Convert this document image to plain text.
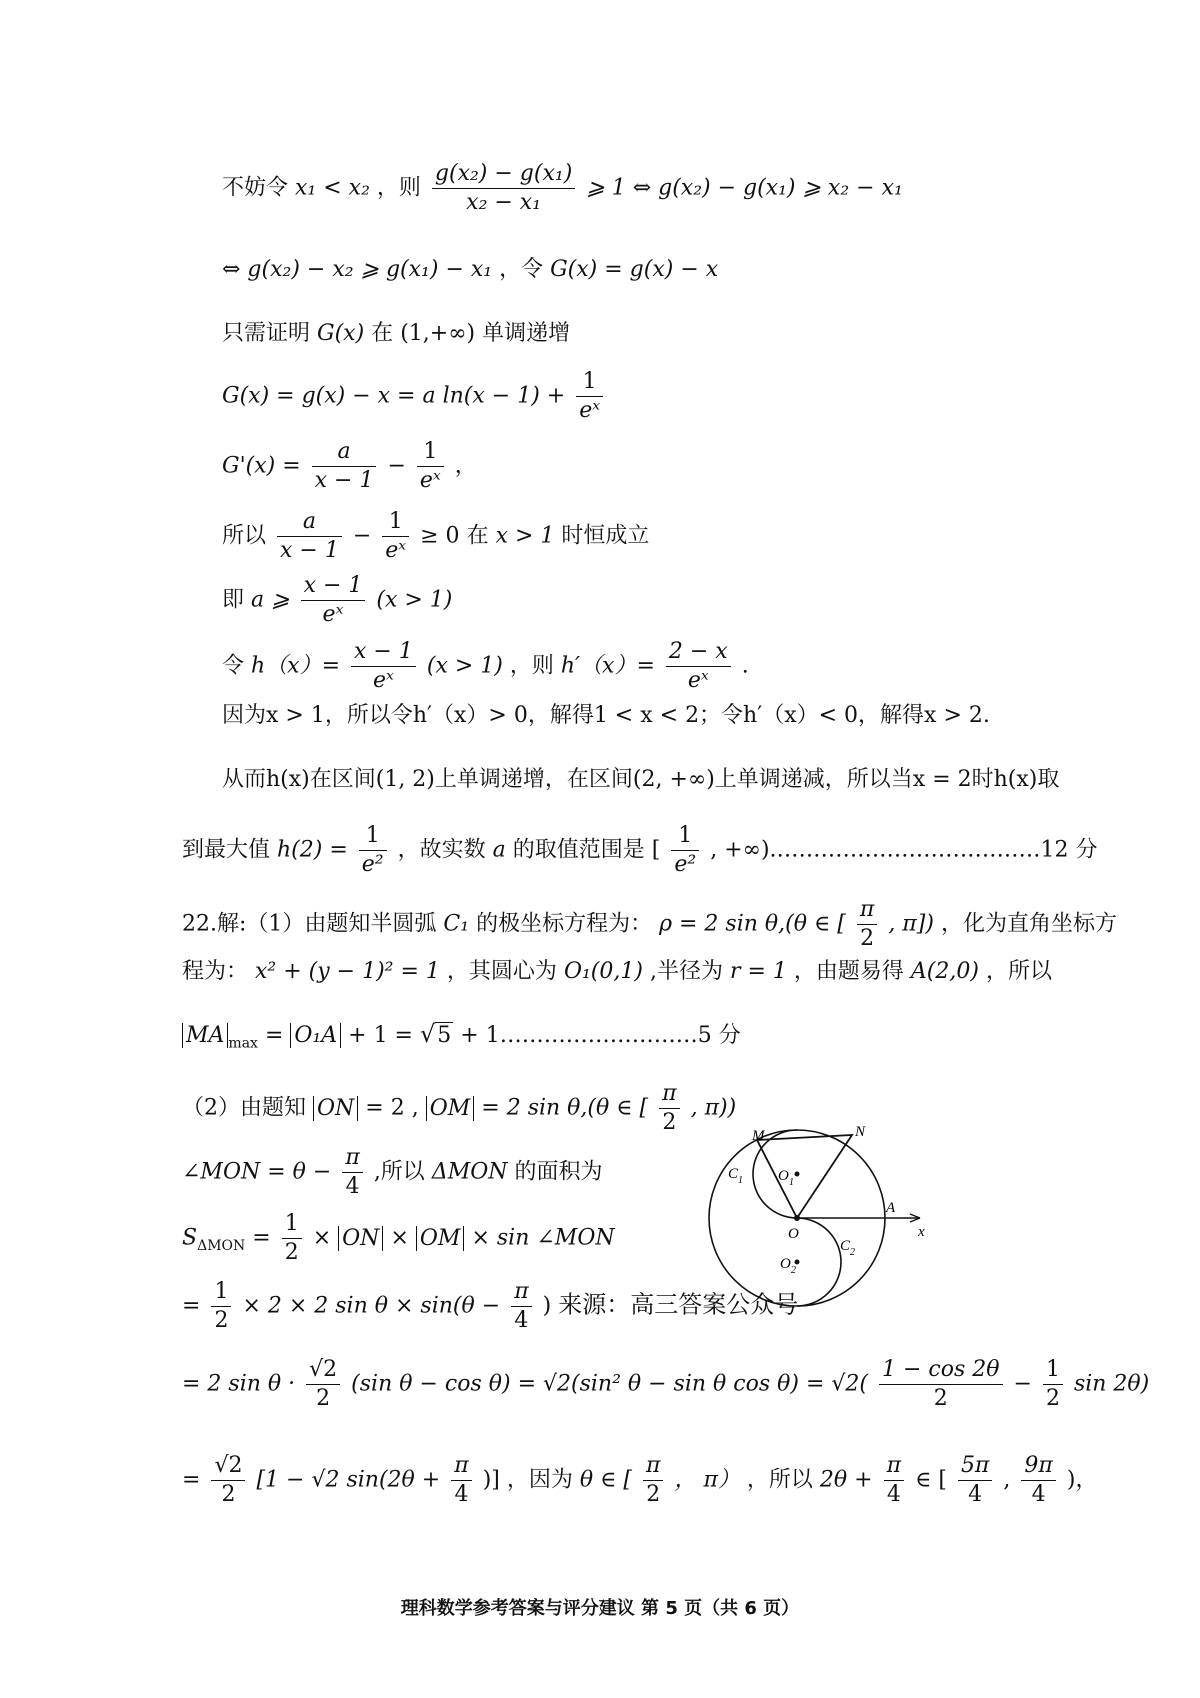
不妨令 x₁ < x₂ ，则 $\frac{\text{g(x₂) − g(x₁)}}{\text{x₂ − x₁}}$ ⩾ 1 ⇔ g(x₂) − g(x₁) ⩾ x₂ − x₁
⇔ g(x₂) − x₂ ⩾ g(x₁) − x₁ ，令 G(x) = g(x) − x
只需证明 G(x) 在 (1,+∞) 单调递增
G(x) = g(x) − x = a $\ln(x - 1) + \frac{1}{\text{eˣ}}$
$G'(x) = \frac{a}{x - 1} - \frac{1}{\text{eˣ}}$ ，
所以 $\frac{a}{x - 1} - \frac{1}{\text{eˣ}} \ge 0$ 在 x > 1 时恒成立
即 a ⩾ $\frac{x - 1}{\text{eˣ}} (x > 1)$
令 $h(x)= \frac{x - 1}{\text{eˣ}} (x > 1)$ ，则 $h'(x)= \frac{2 - x}{\text{eˣ}}$ .
因为x > 1，所以令h′（x）> 0，解得1 < x < 2；令h′（x）< 0，解得x > 2.
从而h(x)在区间(1, 2)上单调递增，在区间(2, +∞)上单调递减，所以当x = 2时h(x)取
到最大值 $h(2) = \frac{1}{\text{e²}}$ ，故实数 a 的取值范围是 [ $\frac{1}{\text{e²}}$ , +∞).………………………………12 分
22.解:（1）由题知半圆弧 C₁ 的极坐标方程为： ρ = 2 sin θ,(θ ∈ [ $\frac{\pi}{2}$ , π]) ，化为直角坐标方
程为： x² + (y − 1)² = 1 ，其圆心为 O₁(0,1) ,半径为 r = 1 ，由题易得 A(2,0) ，所以
MA $_{max}$ = O₁A + 1 = √5 + 1………………………5 分
（2）由题知 ON = 2 , OM = 2 sin θ,(θ ∈ [ $\frac{\pi}{2}$ , π))
∠MON = $\theta - \frac{\pi}{4}$ ,所以 ΔMON 的面积为
$S_{\Delta MON} = \frac{1}{2}$ × ON × OM × sin ∠MON
= $\frac{1}{2} \times 2 \times 2$ $\sin \theta \times \sin(\theta - \frac{\pi}{4}$ ) 来源：高三答案公众号
= 2 $\sin \theta \cdot \frac{√2}{2} (\sin$ θ − cos θ) = √2(sin² θ − sin θ $\cos \theta) = √2( \frac{1 - \cos 2\theta}{2} - \frac{1}{2}$ sin 2θ)
= $\frac{√2}{2} [1 - √2$ $\sin(2\theta + \frac{\pi}{4}$ )] ，因为 θ ∈ [ $\frac{\pi}{2}$ ， π） ，所以 $2\theta + \frac{\pi}{4}$ ∈ [ $\frac{5\pi}{4}$ , $\frac{9\pi}{4}$ )，
M	N
C 1 O 1
A
x
O
C 2
O 2
理科数学参考答案与评分建议 第 5 页（共 6 页）
